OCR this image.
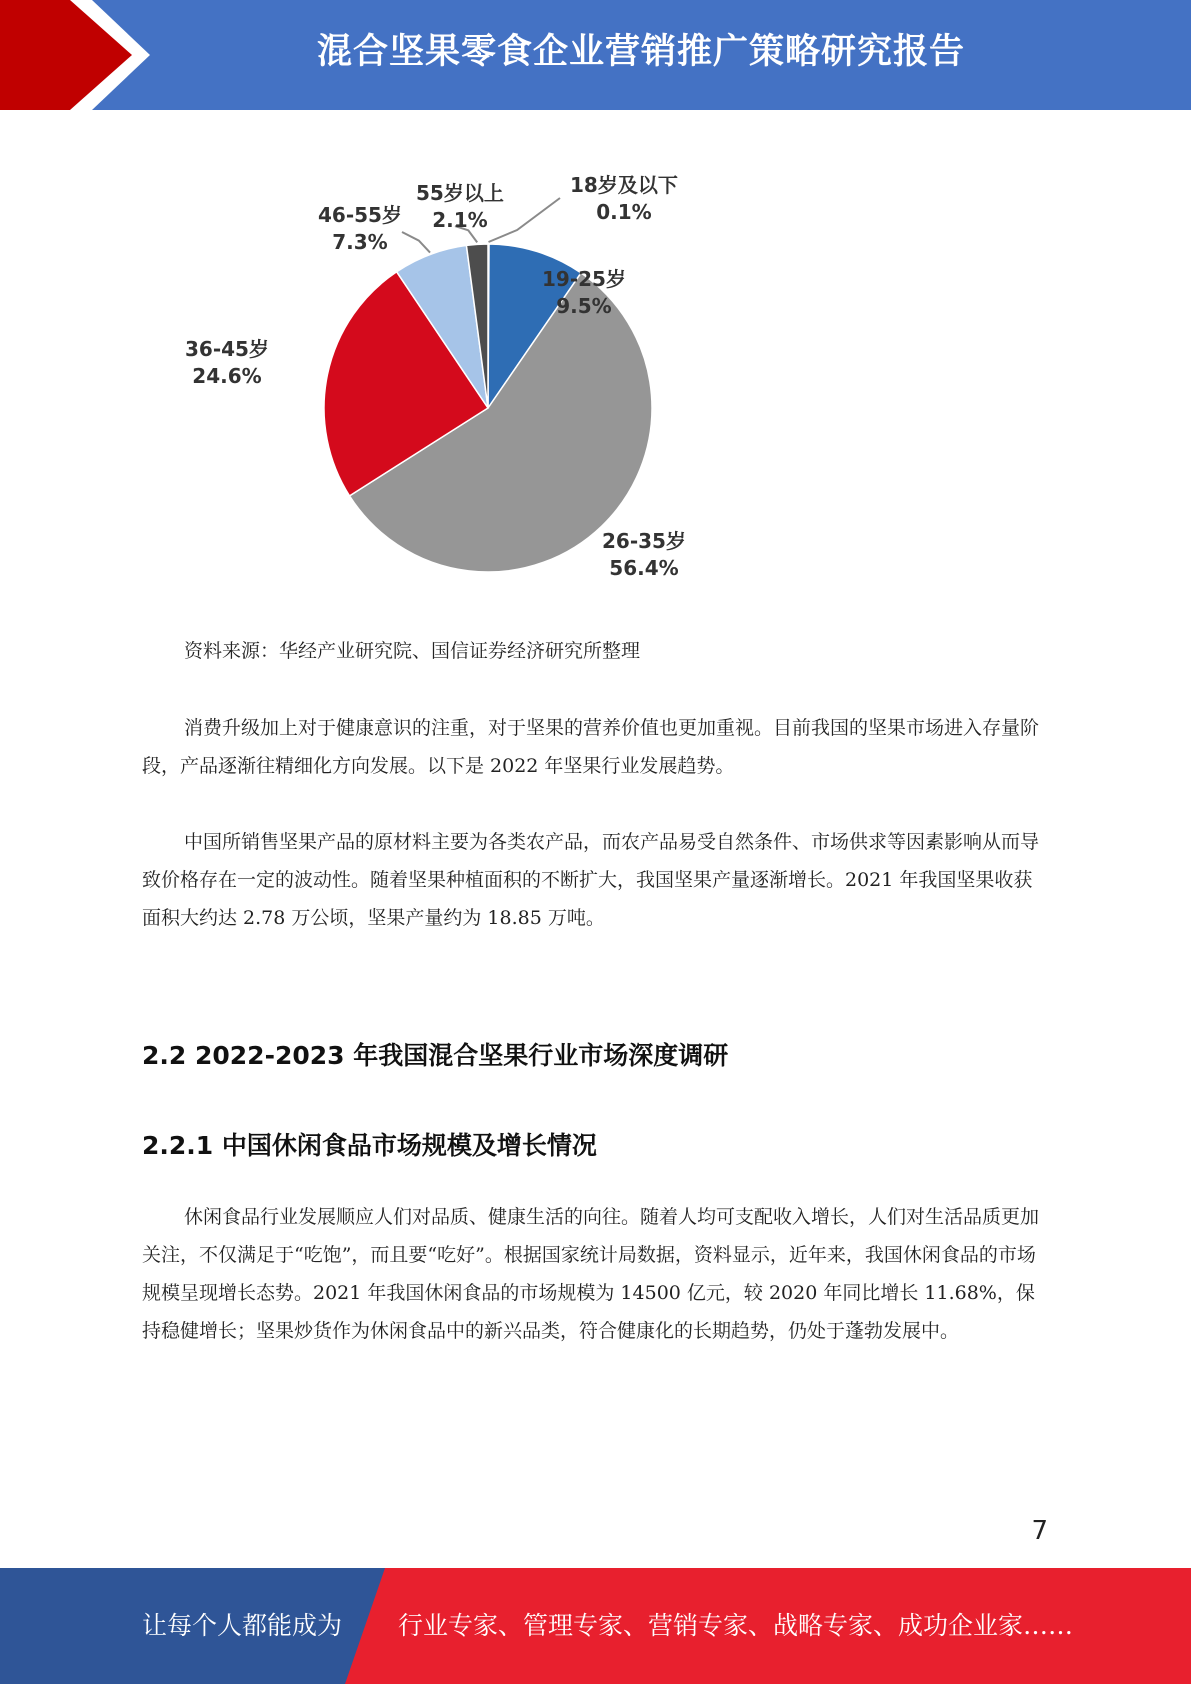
混合坚果零食企业营销推广策略研究报告
18岁及以下
0.1%
19-25岁
9.5%
26-35岁
56.4%
36-45岁
24.6%
46-55岁
7.3%
55岁以上
2.1%
资料来源：华经产业研究院、国信证券经济研究所整理

消费升级加上对于健康意识的注重，对于坚果的营养价值也更加重视。目前我国的坚果市场进入存量阶段，产品逐渐往精细化方向发展。以下是 2022 年坚果行业发展趋势。

中国所销售坚果产品的原材料主要为各类农产品，而农产品易受自然条件、市场供求等因素影响从而导致价格存在一定的波动性。随着坚果种植面积的不断扩大，我国坚果产量逐渐增长。2021 年我国坚果收获面积大约达 2.78 万公顷，坚果产量约为 18.85 万吨。

2.2 2022-2023 年我国混合坚果行业市场深度调研
2.2.1 中国休闲食品市场规模及增长情况

休闲食品行业发展顺应人们对品质、健康生活的向往。随着人均可支配收入增长，人们对生活品质更加关注，不仅满足于“吃饱”，而且要“吃好”。根据国家统计局数据，资料显示，近年来，我国休闲食品的市场规模呈现增长态势。2021 年我国休闲食品的市场规模为 14500 亿元，较 2020 年同比增长 11.68%，保持稳健增长；坚果炒货作为休闲食品中的新兴品类，符合健康化的长期趋势，仍处于蓬勃发展中。

7
让每个人都能成为 行业专家、管理专家、营销专家、战略专家、成功企业家……
